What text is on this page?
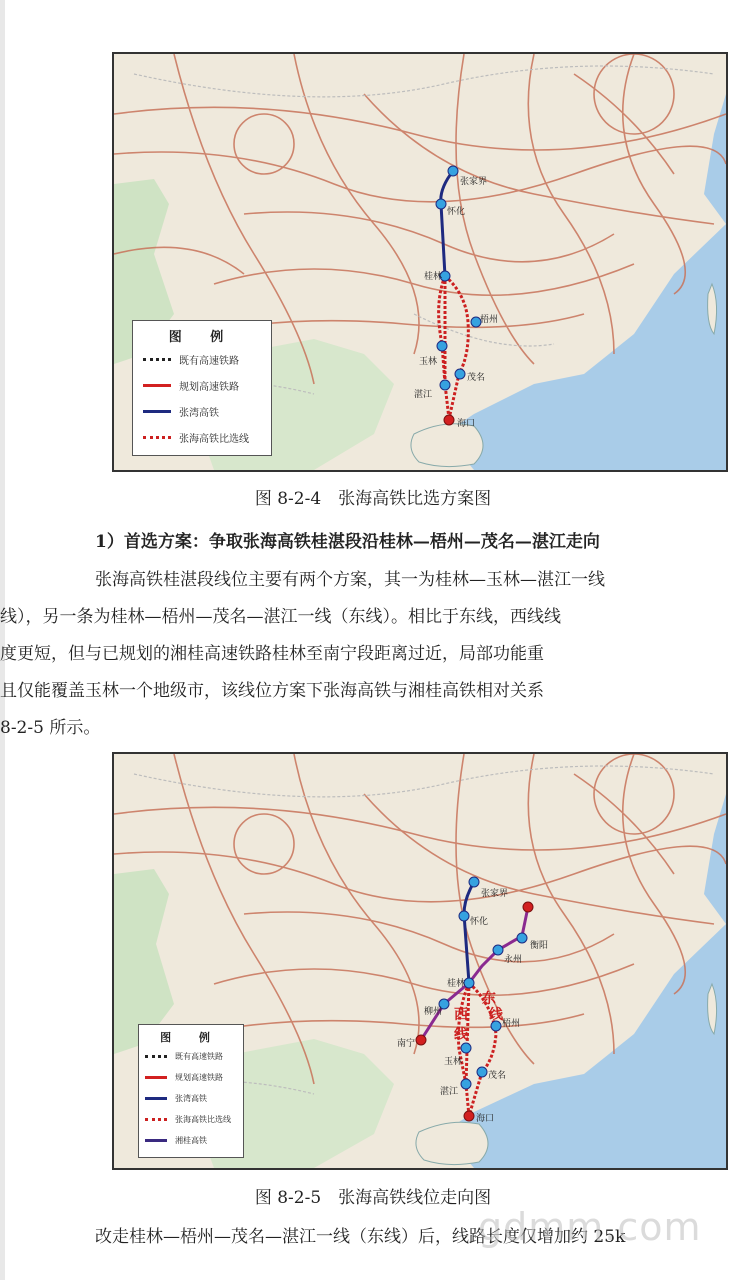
张家界
怀化
桂林
梧州
玉林
茂名
湛江
海口
图 例
既有高速铁路
规划高速铁路
张湾高铁
张海高铁比选线
图 8-2-4　张海高铁比选方案图
1）首选方案：争取张海高铁桂湛段沿桂林—梧州—茂名—湛江走向
张海高铁桂湛段线位主要有两个方案，其一为桂林—玉林—湛江一线
线），另一条为桂林—梧州—茂名—湛江一线（东线）。相比于东线，西线线
度更短，但与已规划的湘桂高速铁路桂林至南宁段距离过近，局部功能重
且仅能覆盖玉林一个地级市，该线位方案下张海高铁与湘桂高铁相对关系
8-2-5 所示。
张家界
怀化
衡阳
永州
桂林
柳州
南宁
梧州
玉林
茂名
湛江
海口
西
线
东
线
图 例
既有高速铁路
规划高速铁路
张湾高铁
张海高铁比选线
湘桂高铁
图 8-2-5　张海高铁线位走向图
改走桂林—梧州—茂名—湛江一线（东线）后，线路长度仅增加约 25k
gdmm.com
